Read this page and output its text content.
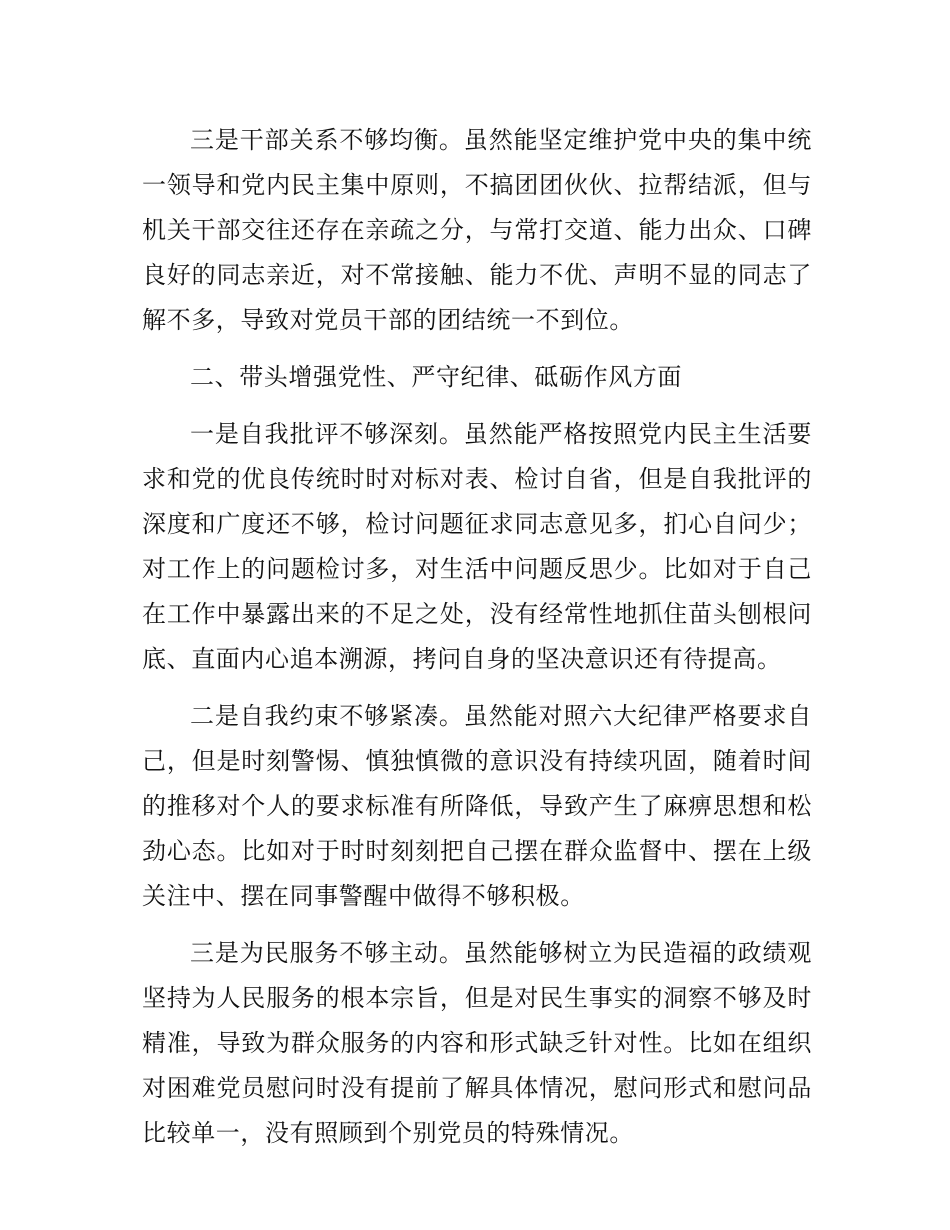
三是干部关系不够均衡。虽然能坚定维护党中央的集中统一领导和党内民主集中原则，不搞团团伙伙、拉帮结派，但与机关干部交往还存在亲疏之分，与常打交道、能力出众、口碑良好的同志亲近，对不常接触、能力不优、声明不显的同志了解不多，导致对党员干部的团结统一不到位。

二、带头增强党性、严守纪律、砥砺作风方面

一是自我批评不够深刻。虽然能严格按照党内民主生活要求和党的优良传统时时对标对表、检讨自省，但是自我批评的深度和广度还不够，检讨问题征求同志意见多，扪心自问少；对工作上的问题检讨多，对生活中问题反思少。比如对于自己在工作中暴露出来的不足之处，没有经常性地抓住苗头刨根问底、直面内心追本溯源，拷问自身的坚决意识还有待提高。

二是自我约束不够紧凑。虽然能对照六大纪律严格要求自己，但是时刻警惕、慎独慎微的意识没有持续巩固，随着时间的推移对个人的要求标准有所降低，导致产生了麻痹思想和松劲心态。比如对于时时刻刻把自己摆在群众监督中、摆在上级关注中、摆在同事警醒中做得不够积极。

三是为民服务不够主动。虽然能够树立为民造福的政绩观坚持为人民服务的根本宗旨，但是对民生事实的洞察不够及时精准，导致为群众服务的内容和形式缺乏针对性。比如在组织对困难党员慰问时没有提前了解具体情况，慰问形式和慰问品比较单一，没有照顾到个别党员的特殊情况。
